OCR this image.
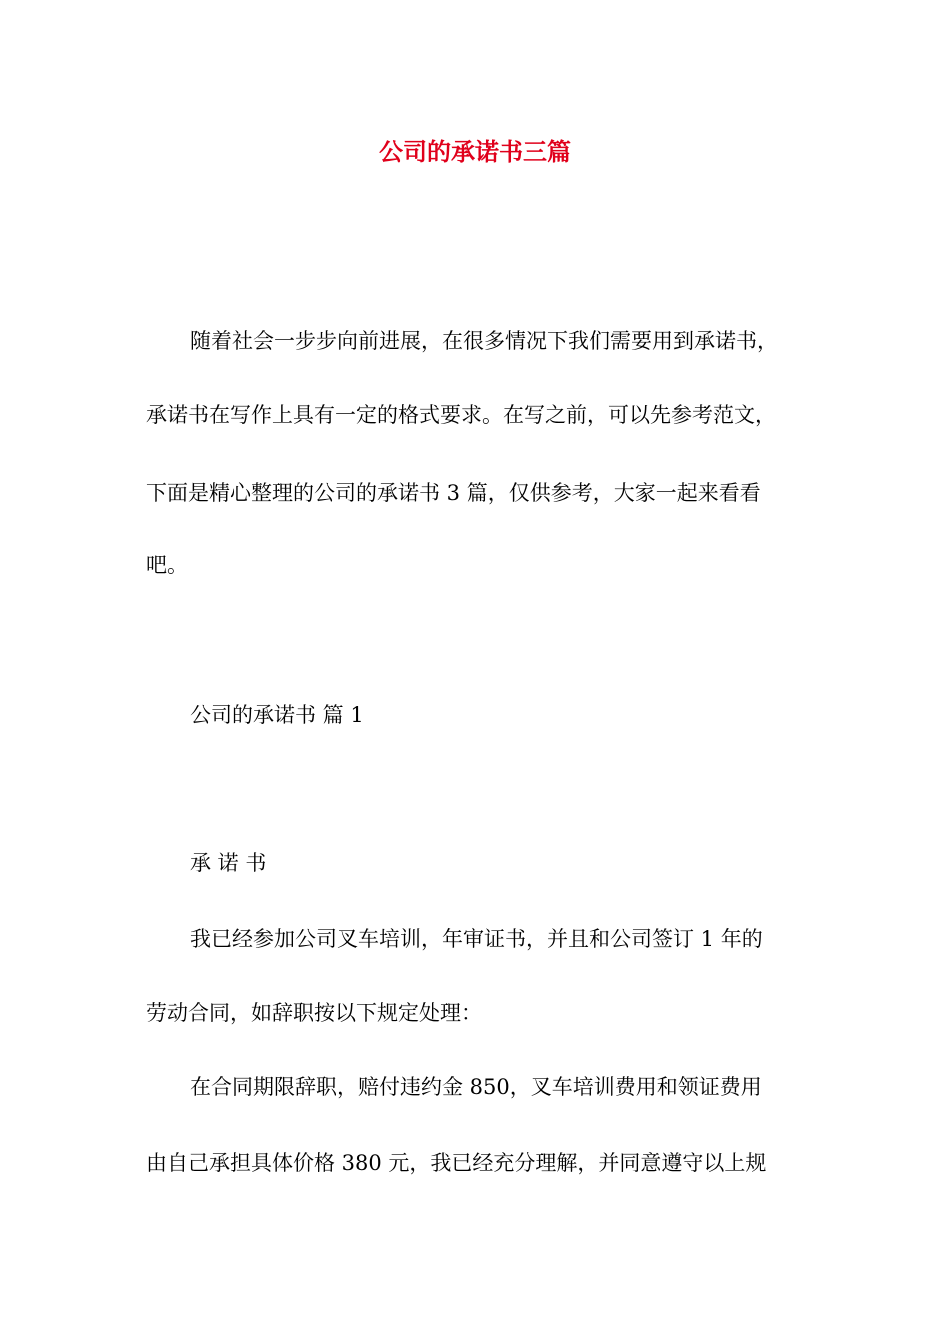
公司的承诺书三篇
随着社会一步步向前进展，在很多情况下我们需要用到承诺书，
承诺书在写作上具有一定的格式要求。在写之前，可以先参考范文，
下面是精心整理的公司的承诺书 3 篇，仅供参考，大家一起来看看
吧。
公司的承诺书 篇 1
承 诺 书
我已经参加公司叉车培训，年审证书，并且和公司签订 1 年的
劳动合同，如辞职按以下规定处理：
在合同期限辞职，赔付违约金 850，叉车培训费用和领证费用
由自己承担具体价格 380 元，我已经充分理解，并同意遵守以上规
